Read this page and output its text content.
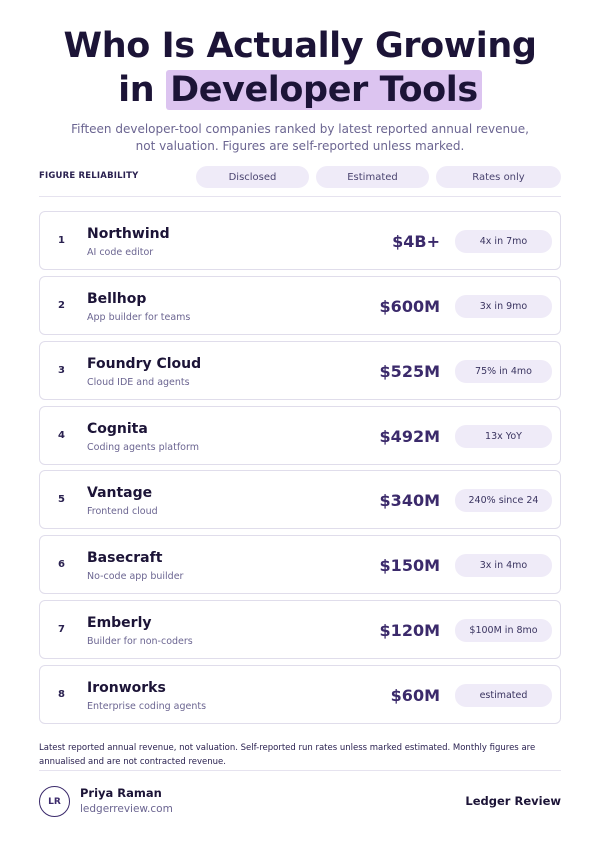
Who Is Actually Growing
in Developer Tools

Fifteen developer-tool companies ranked by latest reported annual revenue, not valuation. Figures are self-reported unless marked.

FIGURE RELIABILITY	Disclosed	Estimated	Rates only
1 Northwind
AI code editor
$4B+	4x in 7mo
2 Bellhop
App builder for teams
$600M	3x in 9mo
3 Foundry Cloud
Cloud IDE and agents
$525M	75% in 4mo
4 Cognita
Coding agents platform
$492M	13x YoY
5 Vantage
Frontend cloud
$340M	240% since 24
6 Basecraft
No-code app builder
$150M	3x in 4mo
7 Emberly
Builder for non-coders
$120M	$100M in 8mo
8 Ironworks
Enterprise coding agents
$60M	estimated

Latest reported annual revenue, not valuation. Self-reported run rates unless marked estimated. Monthly figures are annualised and are not contracted revenue.

LR
Priya Raman
ledgerreview.com
Ledger Review
